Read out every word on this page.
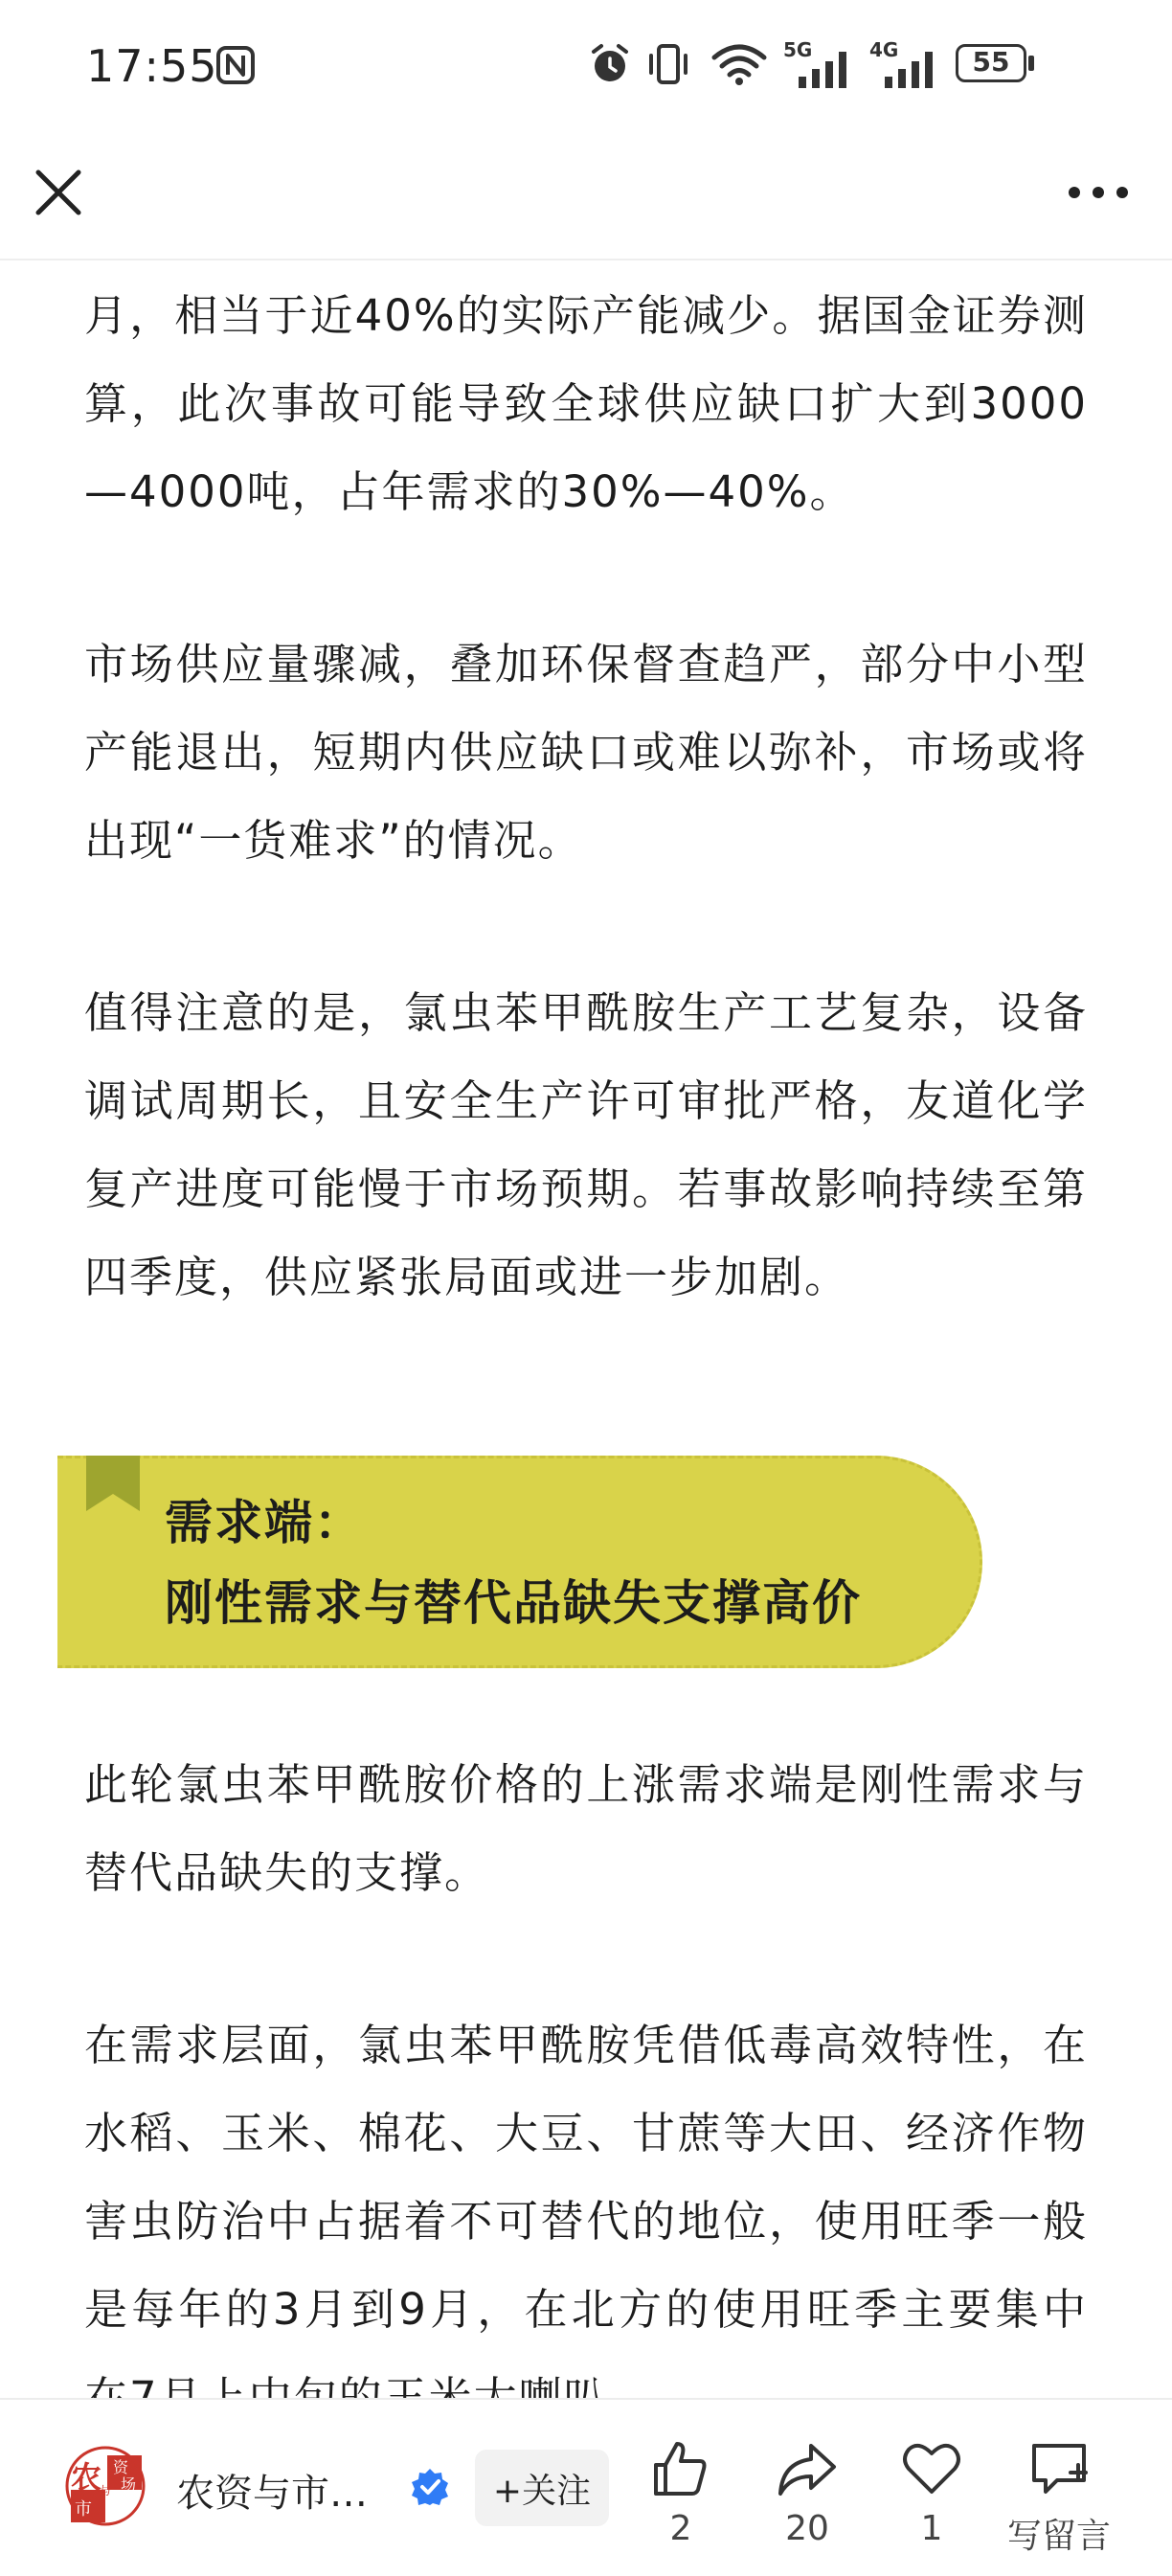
17:55	5G	4G	55

月，相当于近40%的实际产能减少。据国金证券测算，此次事故可能导致全球供应缺口扩大到3000—4000吨，占年需求的30%—40%。

市场供应量骤减，叠加环保督查趋严，部分中小型产能退出，短期内供应缺口或难以弥补，市场或将出现“一货难求”的情况。

值得注意的是，氯虫苯甲酰胺生产工艺复杂，设备调试周期长，且安全生产许可审批严格，友道化学复产进度可能慢于市场预期。若事故影响持续至第四季度，供应紧张局面或进一步加剧。

需求端：
刚性需求与替代品缺失支撑高价

此轮氯虫苯甲酰胺价格的上涨需求端是刚性需求与替代品缺失的支撑。

在需求层面，氯虫苯甲酰胺凭借低毒高效特性，在水稻、玉米、棉花、大豆、甘蔗等大田、经济作物害虫防治中占据着不可替代的地位，使用旺季一般是每年的3月到9月，在北方的使用旺季主要集中

农 资
与
市
场 农资与市…	+关注
2	20	1	写留言
